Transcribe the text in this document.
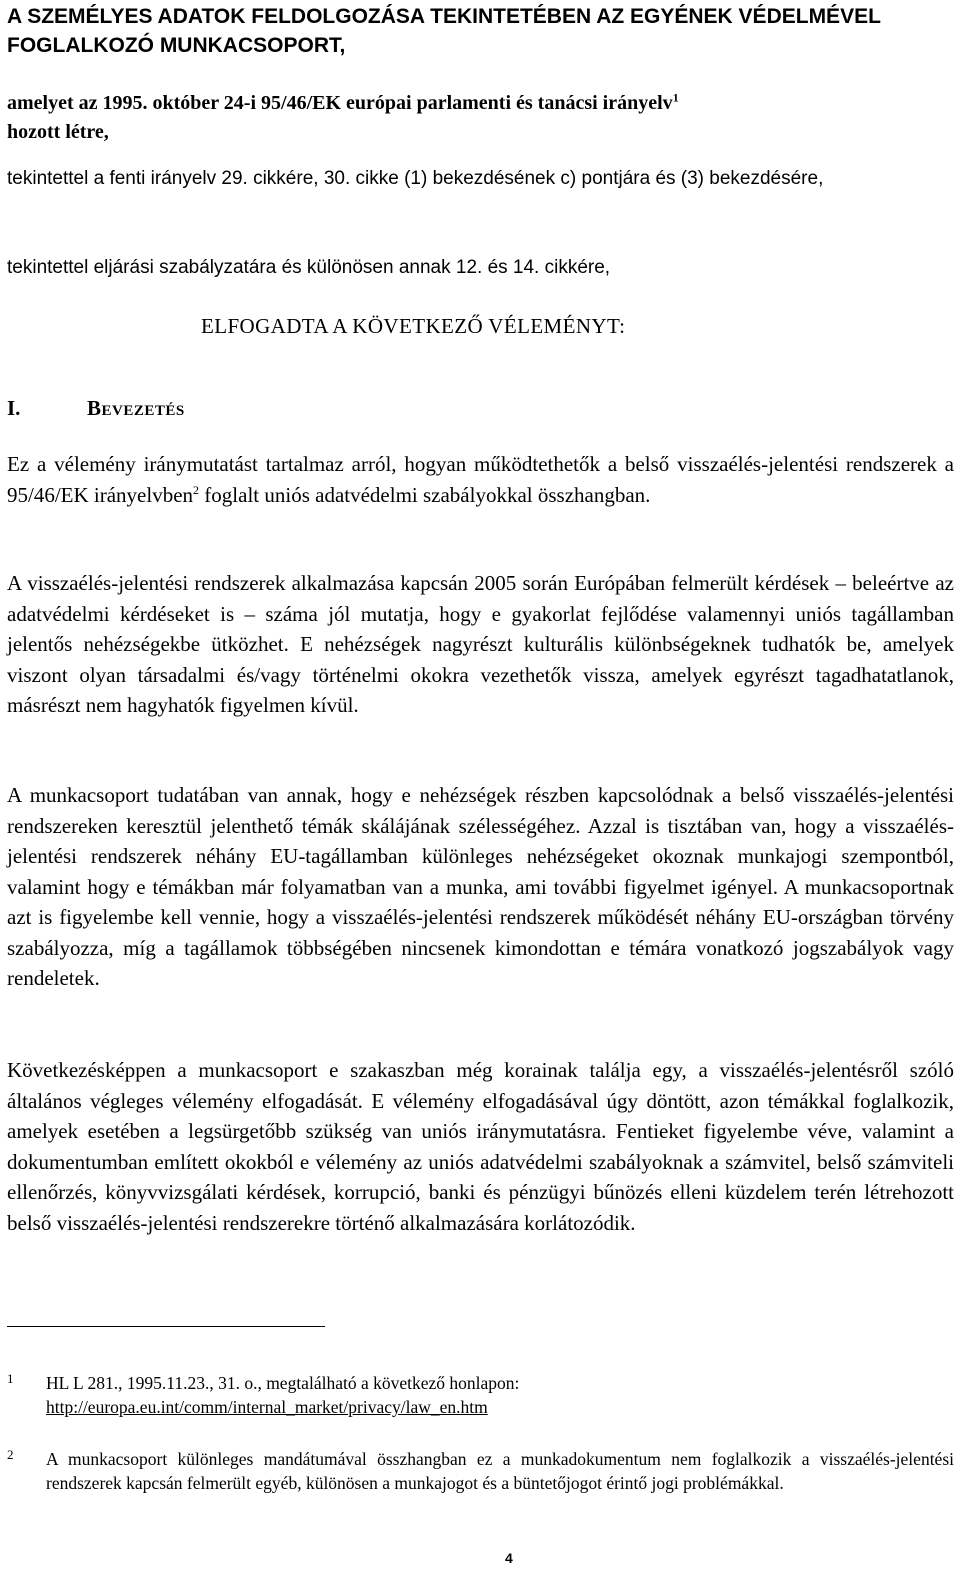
A SZEMÉLYES ADATOK FELDOLGOZÁSA TEKINTETÉBEN AZ EGYÉNEK VÉDELMÉVEL FOGLALKOZÓ MUNKACSOPORT,
amelyet az 1995. október 24-i 95/46/EK európai parlamenti és tanácsi irányelv$^1$
hozott létre,
tekintettel a fenti irányelv 29. cikkére, 30. cikke (1) bekezdésének c) pontjára és (3) bekezdésére,
tekintettel eljárási szabályzatára és különösen annak 12. és 14. cikkére,
ELFOGADTA A KÖVETKEZŐ VÉLEMÉNYT:
I.	Bevezetés
Ez a vélemény iránymutatást tartalmaz arról, hogyan működtethetők a belső visszaélés-jelentési rendszerek a 95/46/EK irányelvben$^2$ foglalt uniós adatvédelmi szabályokkal összhangban.
A visszaélés-jelentési rendszerek alkalmazása kapcsán 2005 során Európában felmerült kérdések – beleértve az adatvédelmi kérdéseket is – száma jól mutatja, hogy e gyakorlat fejlődése valamennyi uniós tagállamban jelentős nehézségekbe ütközhet. E nehézségek nagyrészt kulturális különbségeknek tudhatók be, amelyek viszont olyan társadalmi és/vagy történelmi okokra vezethetők vissza, amelyek egyrészt tagadhatatlanok, másrészt nem hagyhatók figyelmen kívül.
A munkacsoport tudatában van annak, hogy e nehézségek részben kapcsolódnak a belső visszaélés-jelentési rendszereken keresztül jelenthető témák skálájának szélességéhez. Azzal is tisztában van, hogy a visszaélés-jelentési rendszerek néhány EU-tagállamban különleges nehézségeket okoznak munkajogi szempontból, valamint hogy e témákban már folyamatban van a munka, ami további figyelmet igényel. A munkacsoportnak azt is figyelembe kell vennie, hogy a visszaélés-jelentési rendszerek működését néhány EU-országban törvény szabályozza, míg a tagállamok többségében nincsenek kimondottan e témára vonatkozó jogszabályok vagy rendeletek.
Következésképpen a munkacsoport e szakaszban még korainak találja egy, a visszaélés-jelentésről szóló általános végleges vélemény elfogadását. E vélemény elfogadásával úgy döntött, azon témákkal foglalkozik, amelyek esetében a legsürgetőbb szükség van uniós iránymutatásra. Fentieket figyelembe véve, valamint a dokumentumban említett okokból e vélemény az uniós adatvédelmi szabályoknak a számvitel, belső számviteli ellenőrzés, könyvvizsgálati kérdések, korrupció, banki és pénzügyi bűnözés elleni küzdelem terén létrehozott belső visszaélés-jelentési rendszerekre történő alkalmazására korlátozódik.
1 HL L 281., 1995.11.23., 31. o., megtalálható a következő honlapon:
http://europa.eu.int/comm/internal_market/privacy/law_en.htm
2 A munkacsoport különleges mandátumával összhangban ez a munkadokumentum nem foglalkozik a visszaélés-jelentési rendszerek kapcsán felmerült egyéb, különösen a munkajogot és a büntetőjogot érintő jogi problémákkal.
4
